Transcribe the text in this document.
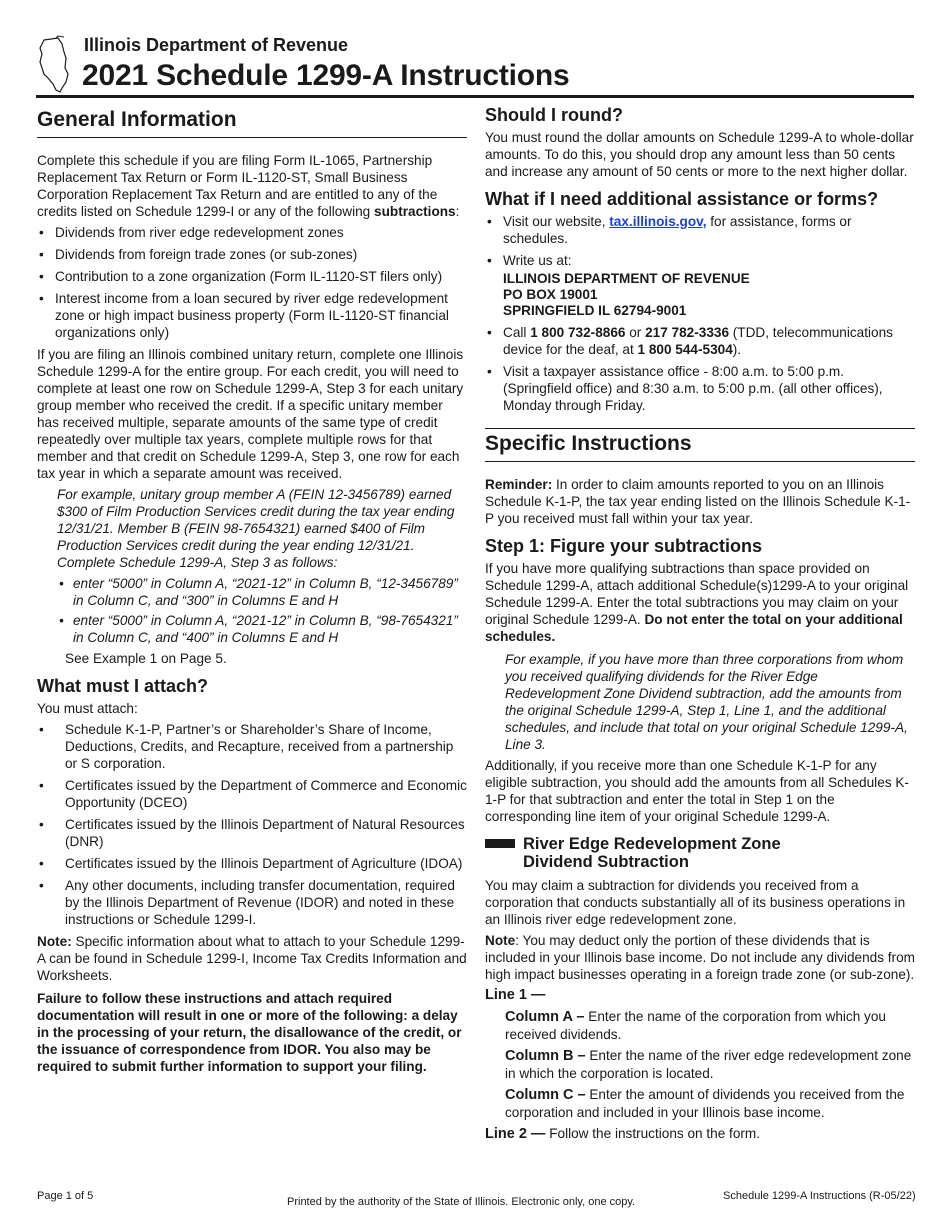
Illinois Department of Revenue
2021 Schedule 1299-A Instructions
General Information

Complete this schedule if you are filing Form IL-1065, Partnership Replacement Tax Return or Form IL-1120-ST, Small Business Corporation Replacement Tax Return and are entitled to any of the credits listed on Schedule 1299-I or any of the following subtractions:

• Dividends from river edge redevelopment zones
• Dividends from foreign trade zones (or sub-zones)
• Contribution to a zone organization (Form IL-1120-ST filers only)
• Interest income from a loan secured by river edge redevelopment zone or high impact business property (Form IL-1120-ST financial organizations only)

If you are filing an Illinois combined unitary return, complete one Illinois Schedule 1299-A for the entire group. For each credit, you will need to complete at least one row on Schedule 1299-A, Step 3 for each unitary group member who received the credit. If a specific unitary member has received multiple, separate amounts of the same type of credit repeatedly over multiple tax years, complete multiple rows for that member and that credit on Schedule 1299-A, Step 3, one row for each tax year in which a separate amount was received.

For example, unitary group member A (FEIN 12-3456789) earned $300 of Film Production Services credit during the tax year ending 12/31/21. Member B (FEIN 98-7654321) earned $400 of Film Production Services credit during the year ending 12/31/21. Complete Schedule 1299-A, Step 3 as follows:

• enter “5000” in Column A, “2021-12” in Column B, “12-3456789” in Column C, and “300” in Columns E and H
• enter “5000” in Column A, “2021-12” in Column B, “98-7654321” in Column C, and “400” in Columns E and H

See Example 1 on Page 5.

What must I attach?

You must attach:

• Schedule K-1-P, Partner’s or Shareholder’s Share of Income, Deductions, Credits, and Recapture, received from a partnership or S corporation.
• Certificates issued by the Department of Commerce and Economic Opportunity (DCEO)
• Certificates issued by the Illinois Department of Natural Resources (DNR)
• Certificates issued by the Illinois Department of Agriculture (IDOA)
• Any other documents, including transfer documentation, required by the Illinois Department of Revenue (IDOR) and noted in these instructions or Schedule 1299-I.

Note: Specific information about what to attach to your Schedule 1299-A can be found in Schedule 1299-I, Income Tax Credits Information and Worksheets.

Failure to follow these instructions and attach required documentation will result in one or more of the following: a delay in the processing of your return, the disallowance of the credit, or the issuance of correspondence from IDOR. You also may be required to submit further information to support your filing.

Should I round?

You must round the dollar amounts on Schedule 1299-A to whole-dollar amounts. To do this, you should drop any amount less than 50 cents and increase any amount of 50 cents or more to the next higher dollar.

What if I need additional assistance or forms?
• Visit our website, tax.illinois.gov, for assistance, forms or schedules.
• Write us at:
ILLINOIS DEPARTMENT OF REVENUE
PO BOX 19001
SPRINGFIELD IL 62794-9001
• Call 1 800 732-8866 or 217 782-3336 (TDD, telecommunications device for the deaf, at 1 800 544-5304).
• Visit a taxpayer assistance office - 8:00 a.m. to 5:00 p.m. (Springfield office) and 8:30 a.m. to 5:00 p.m. (all other offices), Monday through Friday.
Specific Instructions

Reminder: In order to claim amounts reported to you on an Illinois Schedule K-1-P, the tax year ending listed on the Illinois Schedule K-1-P you received must fall within your tax year.

Step 1: Figure your subtractions

If you have more qualifying subtractions than space provided on Schedule 1299-A, attach additional Schedule(s)1299-A to your original Schedule 1299-A. Enter the total subtractions you may claim on your original Schedule 1299-A. Do not enter the total on your additional schedules.

For example, if you have more than three corporations from whom you received qualifying dividends for the River Edge Redevelopment Zone Dividend subtraction, add the amounts from the original Schedule 1299-A, Step 1, Line 1, and the additional schedules, and include that total on your original Schedule 1299-A, Line 3.

Additionally, if you receive more than one Schedule K-1-P for any eligible subtraction, you should add the amounts from all Schedules K-1-P for that subtraction and enter the total in Step 1 on the corresponding line item of your original Schedule 1299-A.

River Edge Redevelopment Zone
Dividend Subtraction

You may claim a subtraction for dividends you received from a corporation that conducts substantially all of its business operations in an Illinois river edge redevelopment zone.

Note: You may deduct only the portion of these dividends that is included in your Illinois base income. Do not include any dividends from high impact businesses operating in a foreign trade zone (or sub-zone).

Line 1 —

Column A – Enter the name of the corporation from which you received dividends.

Column B – Enter the name of the river edge redevelopment zone in which the corporation is located.

Column C – Enter the amount of dividends you received from the corporation and included in your Illinois base income.

Line 2 — Follow the instructions on the form.

Page 1 of 5	Printed by the authority of the State of Illinois. Electronic only, one copy.	Schedule 1299-A Instructions (R-05/22)
